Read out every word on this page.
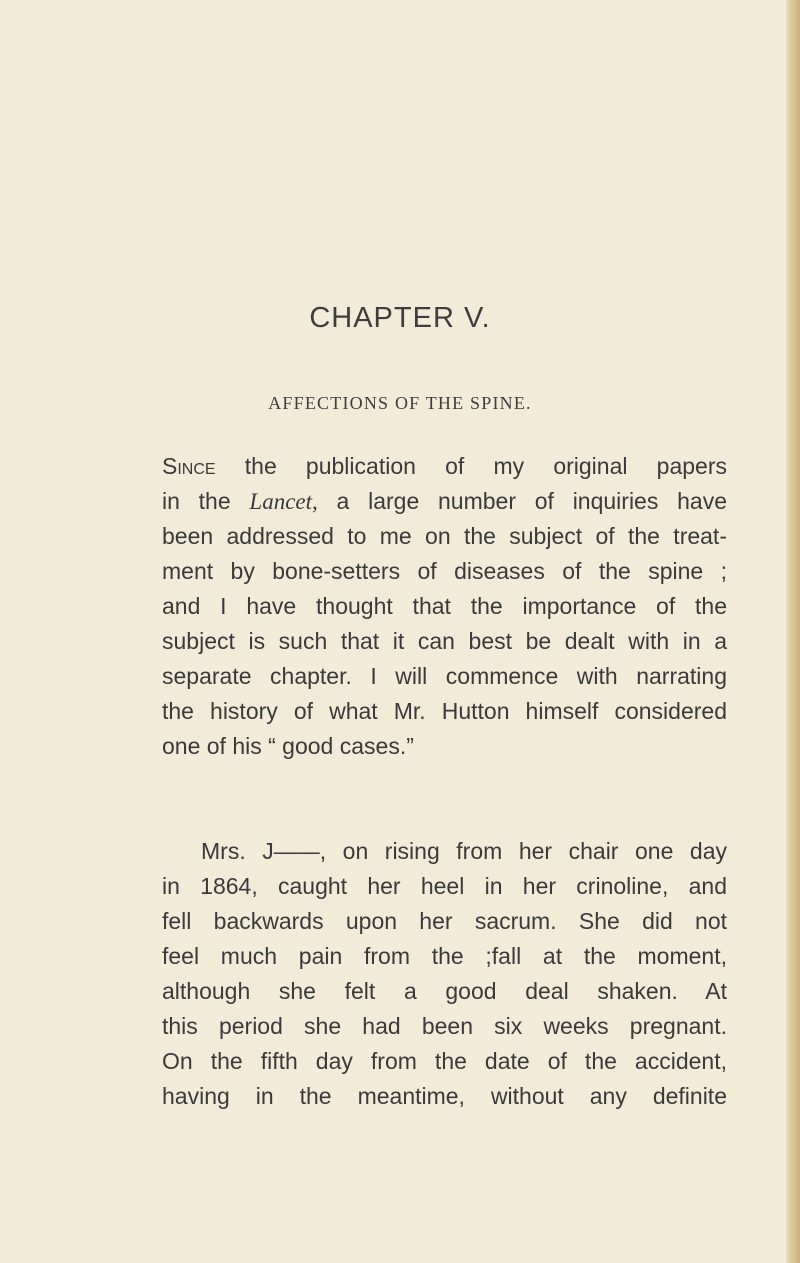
CHAPTER V.
AFFECTIONS OF THE SPINE.
Since the publication of my original papers
in the Lancet, a large number of inquiries have
been addressed to me on the subject of the treat-
ment by bone-setters of diseases of the spine ;
and I have thought that the importance of the
subject is such that it can best be dealt with in a
separate chapter. I will commence with narrating
the history of what Mr. Hutton himself considered
one of his “ good cases.”
Mrs. J——, on rising from her chair one day
in 1864, caught her heel in her crinoline, and
fell backwards upon her sacrum. She did not
feel much pain from the ;fall at the moment,
although she felt a good deal shaken. At
this period she had been six weeks pregnant.
On the fifth day from the date of the accident,
having in the meantime, without any definite
